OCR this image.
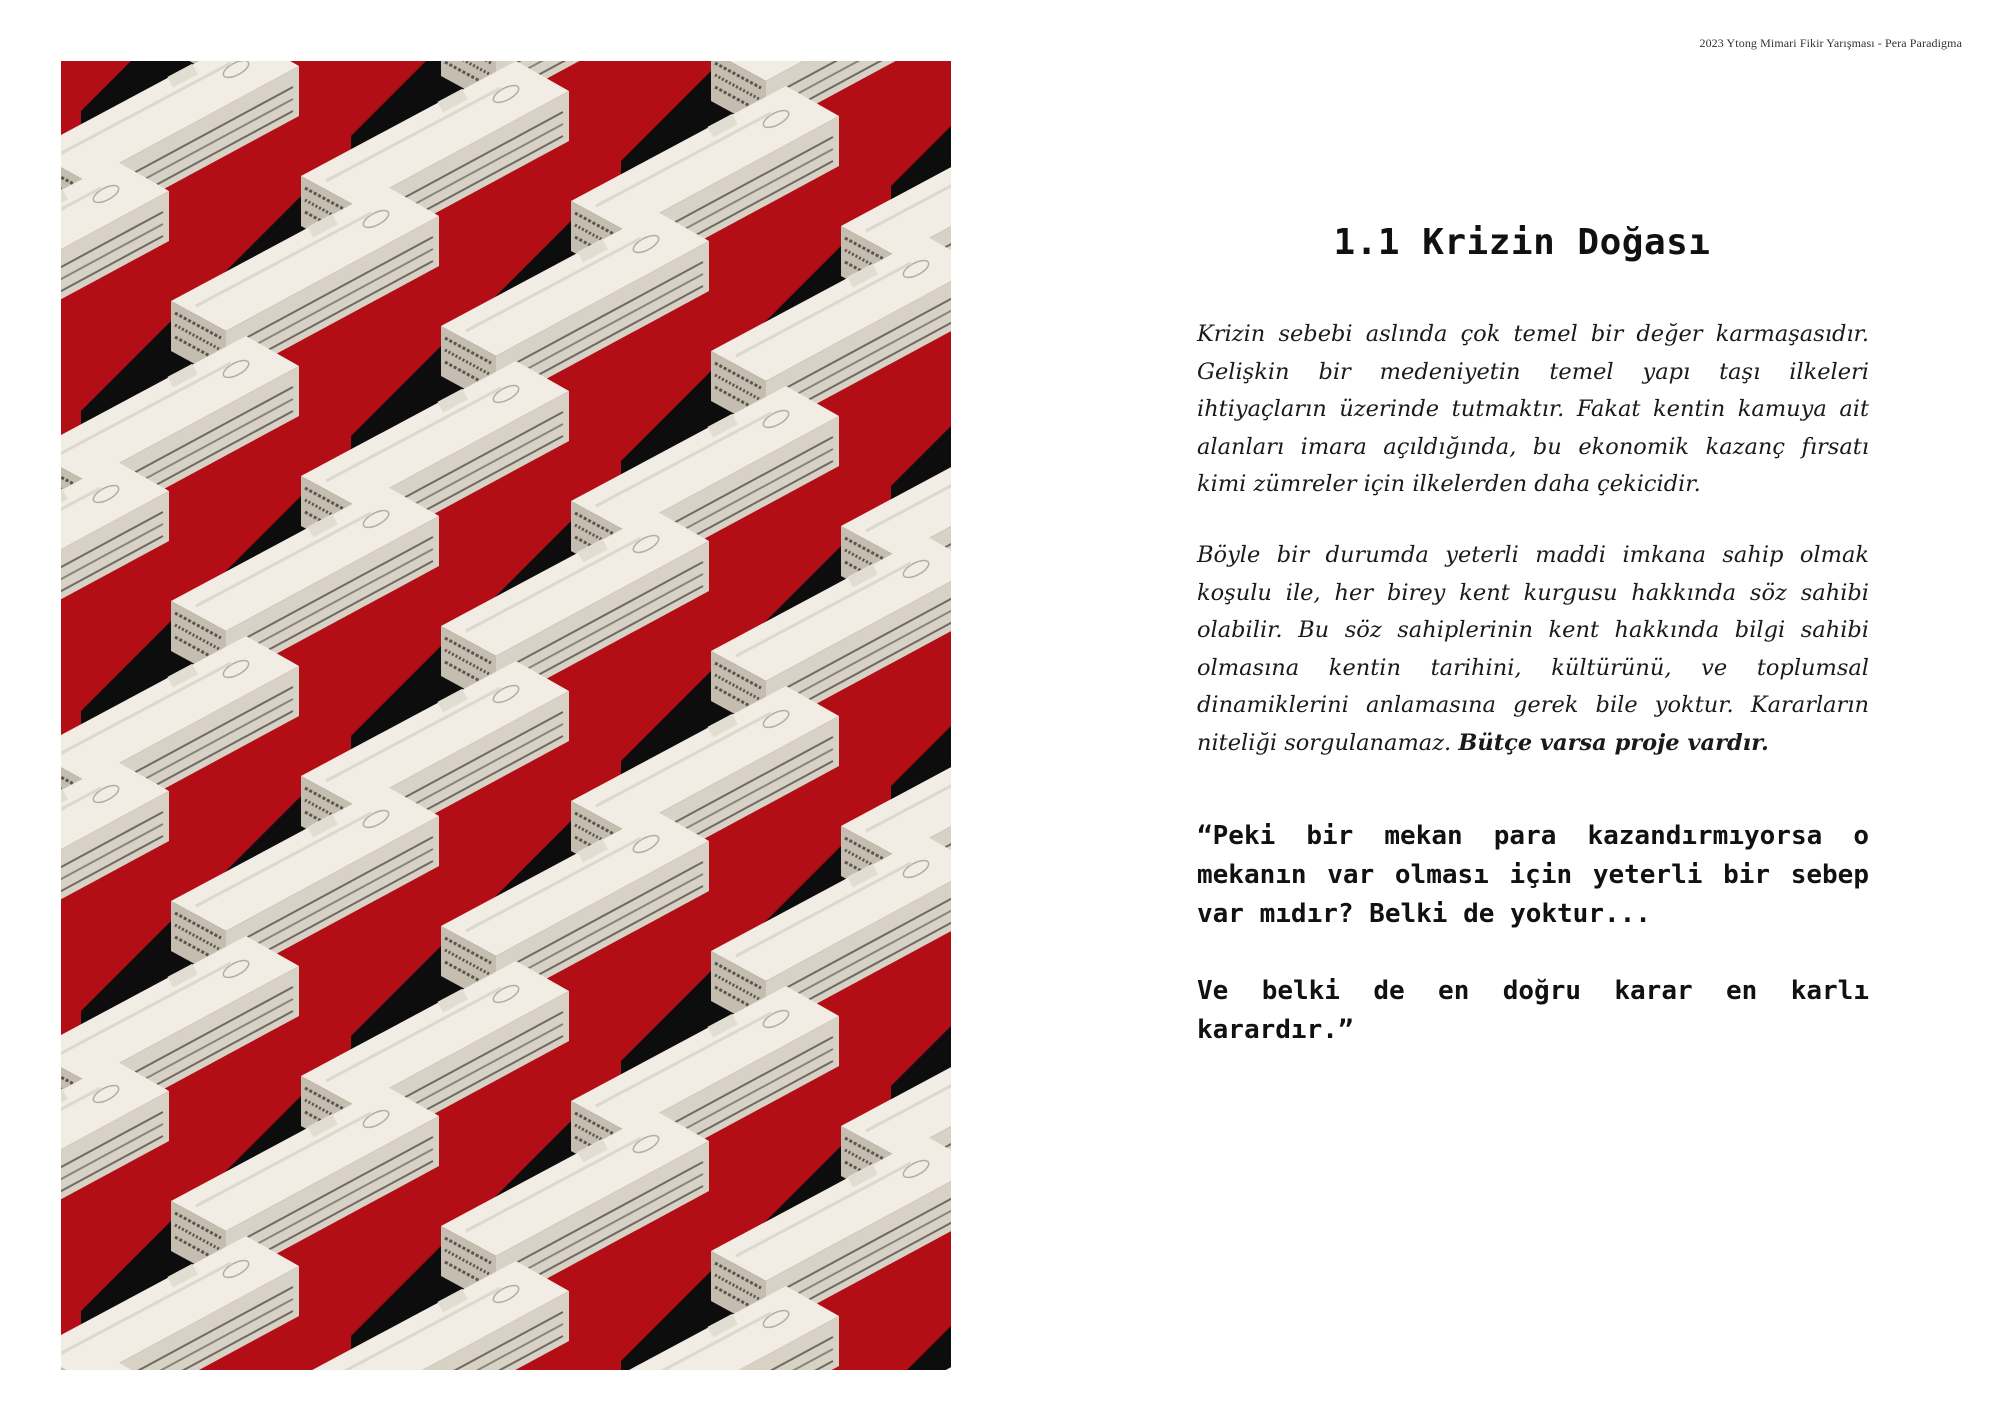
2023 Ytong Mimari Fikir Yarışması - Pera Paradigma
1.1 Krizin Doğası

Krizin sebebi aslında çok temel bir değer karmaşasıdır. Gelişkin bir medeniyetin temel yapı taşı ilkeleri ihtiyaçların üzerinde tutmaktır. Fakat kentin kamuya ait alanları imara açıldığında, bu ekonomik kazanç fırsatı kimi zümreler için ilkelerden daha çekicidir.

Böyle bir durumda yeterli maddi imkana sahip olmak koşulu ile, her birey kent kurgusu hakkında söz sahibi olabilir. Bu söz sahiplerinin kent hakkında bilgi sahibi olmasına kentin tarihini, kültürünü, ve toplumsal dinamiklerini anlamasına gerek bile yoktur. Kararların niteliği sorgulanamaz. Bütçe varsa proje vardır.

“Peki bir mekan para kazandırmıyorsa o mekanın var olması için yeterli bir sebep var mıdır? Belki de yoktur...

Ve belki de en doğru karar en karlı karardır.”
